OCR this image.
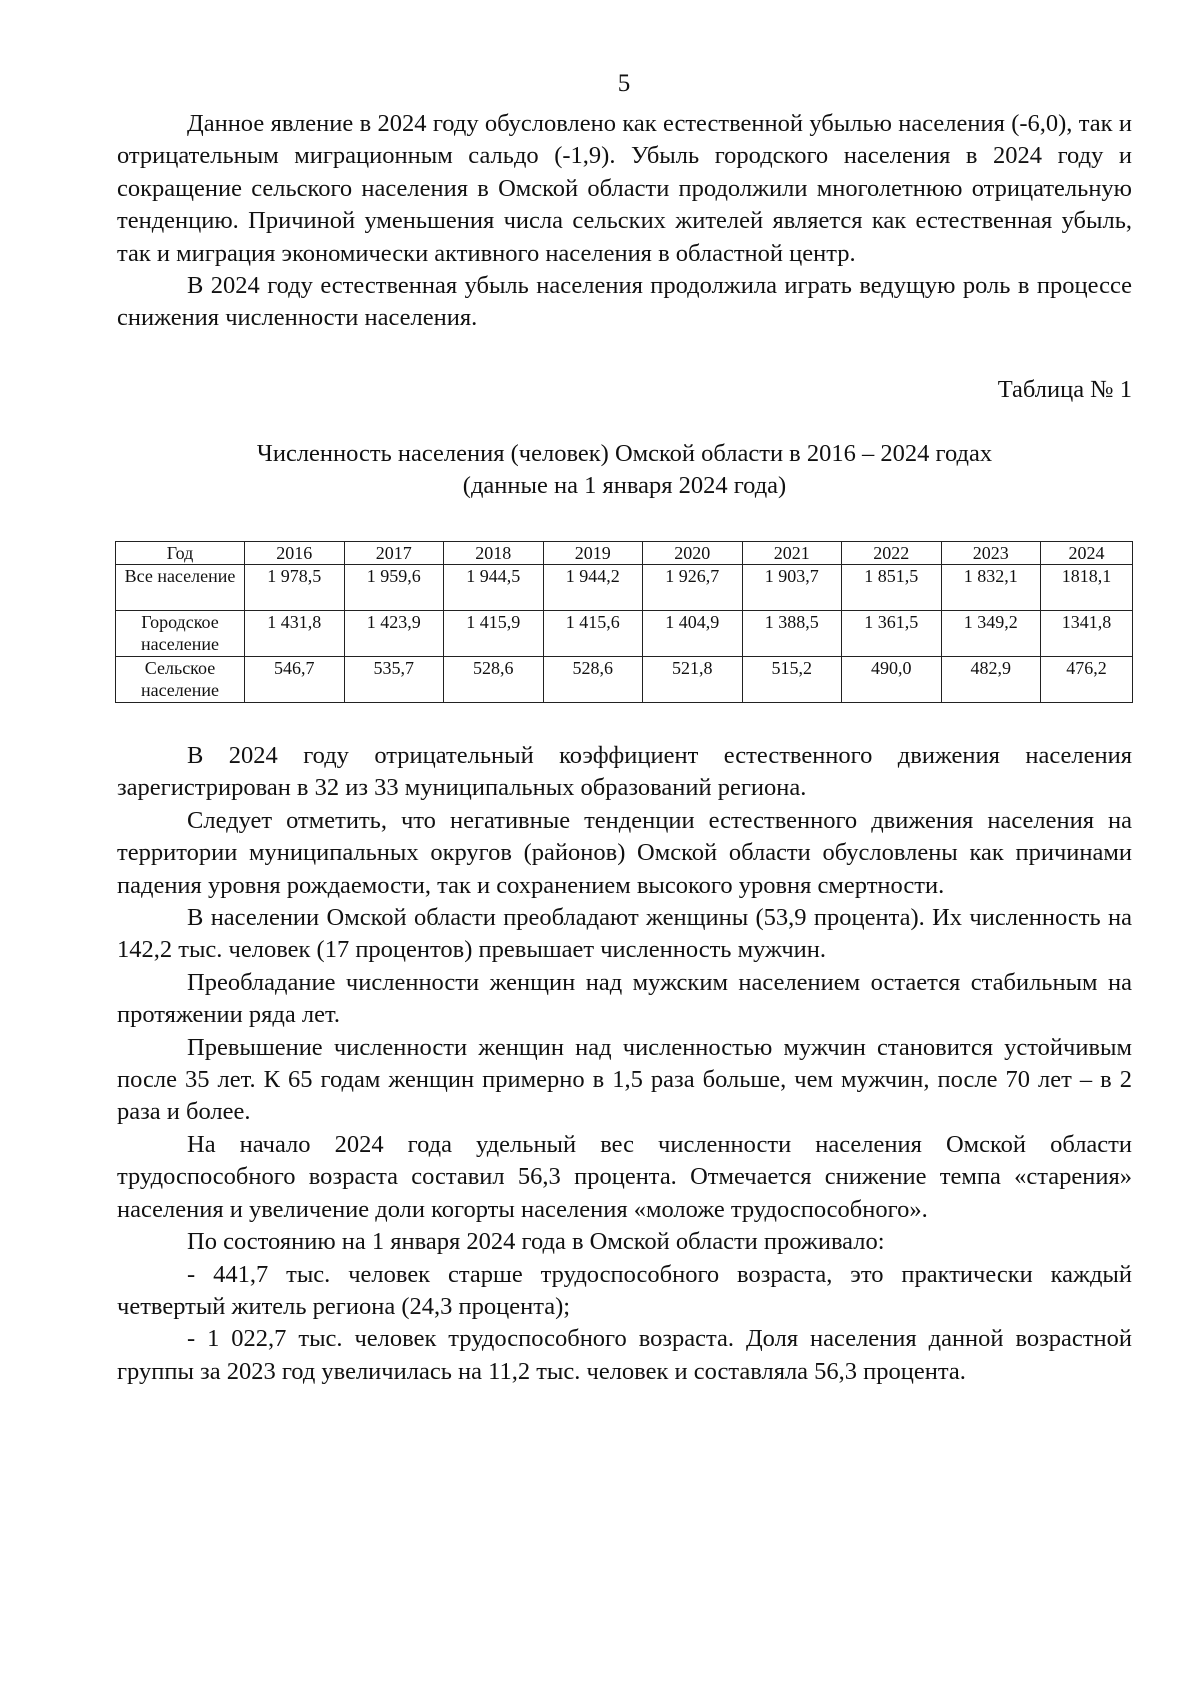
5

Данное явление в 2024 году обусловлено как естественной убылью населения (-6,0), так и отрицательным миграционным сальдо (-1,9). Убыль городского населения в 2024 году и сокращение сельского населения в Омской области продолжили многолетнюю отрицательную тенденцию. Причиной уменьшения числа сельских жителей является как естественная убыль, так и миграция экономически активного населения в областной центр.

В 2024 году естественная убыль населения продолжила играть ведущую роль в процессе снижения численности населения.

Таблица № 1
Численность населения (человек) Омской области в 2016 – 2024 годах
(данные на 1 января 2024 года)
Год	2016	2017	2018	2019	2020	2021	2022	2023	2024
Все население	1 978,5	1 959,6	1 944,5	1 944,2	1 926,7	1 903,7	1 851,5	1 832,1	1818,1
Городское население	1 431,8	1 423,9	1 415,9	1 415,6	1 404,9	1 388,5	1 361,5	1 349,2	1341,8
Сельское население	546,7	535,7	528,6	528,6	521,8	515,2	490,0	482,9	476,2

В 2024 году отрицательный коэффициент естественного движения населения зарегистрирован в 32 из 33 муниципальных образований региона.

Следует отметить, что негативные тенденции естественного движения населения на территории муниципальных округов (районов) Омской области обусловлены как причинами падения уровня рождаемости, так и сохранением высокого уровня смертности.

В населении Омской области преобладают женщины (53,9 процента). Их численность на 142,2 тыс. человек (17 процентов) превышает численность мужчин.

Преобладание численности женщин над мужским населением остается стабильным на протяжении ряда лет.

Превышение численности женщин над численностью мужчин становится устойчивым после 35 лет. К 65 годам женщин примерно в 1,5 раза больше, чем мужчин, после 70 лет – в 2 раза и более.

На начало 2024 года удельный вес численности населения Омской области трудоспособного возраста составил 56,3 процента. Отмечается снижение темпа «старения» населения и увеличение доли когорты населения «моложе трудоспособного».

По состоянию на 1 января 2024 года в Омской области проживало:

- 441,7 тыс. человек старше трудоспособного возраста, это практически каждый четвертый житель региона (24,3 процента);

- 1 022,7 тыс. человек трудоспособного возраста. Доля населения данной возрастной группы за 2023 год увеличилась на 11,2 тыс. человек и составляла 56,3 процента.
